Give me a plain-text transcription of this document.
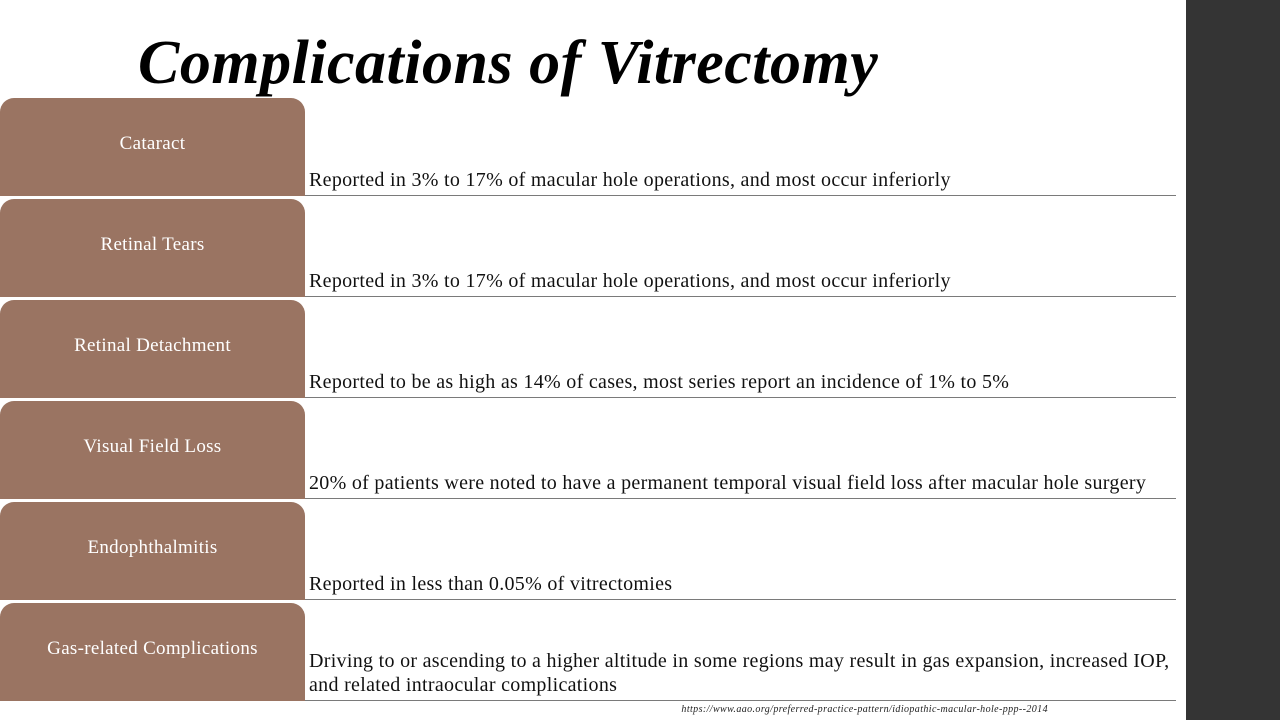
Complications of Vitrectomy
Cataract
Reported in 3% to 17% of macular hole operations, and most occur inferiorly
Retinal Tears
Reported in 3% to 17% of macular hole operations, and most occur inferiorly
Retinal Detachment
Reported to be as high as 14% of cases, most series report an incidence of 1% to 5%
Visual Field Loss
20% of patients were noted to have a permanent temporal visual field loss after macular hole surgery
Endophthalmitis
Reported in less than 0.05% of vitrectomies
Gas-related Complications
Driving to or ascending to a higher altitude in some regions may result in gas expansion, increased IOP, and related intraocular complications
https://www.aao.org/preferred-practice-pattern/idiopathic-macular-hole-ppp--2014
